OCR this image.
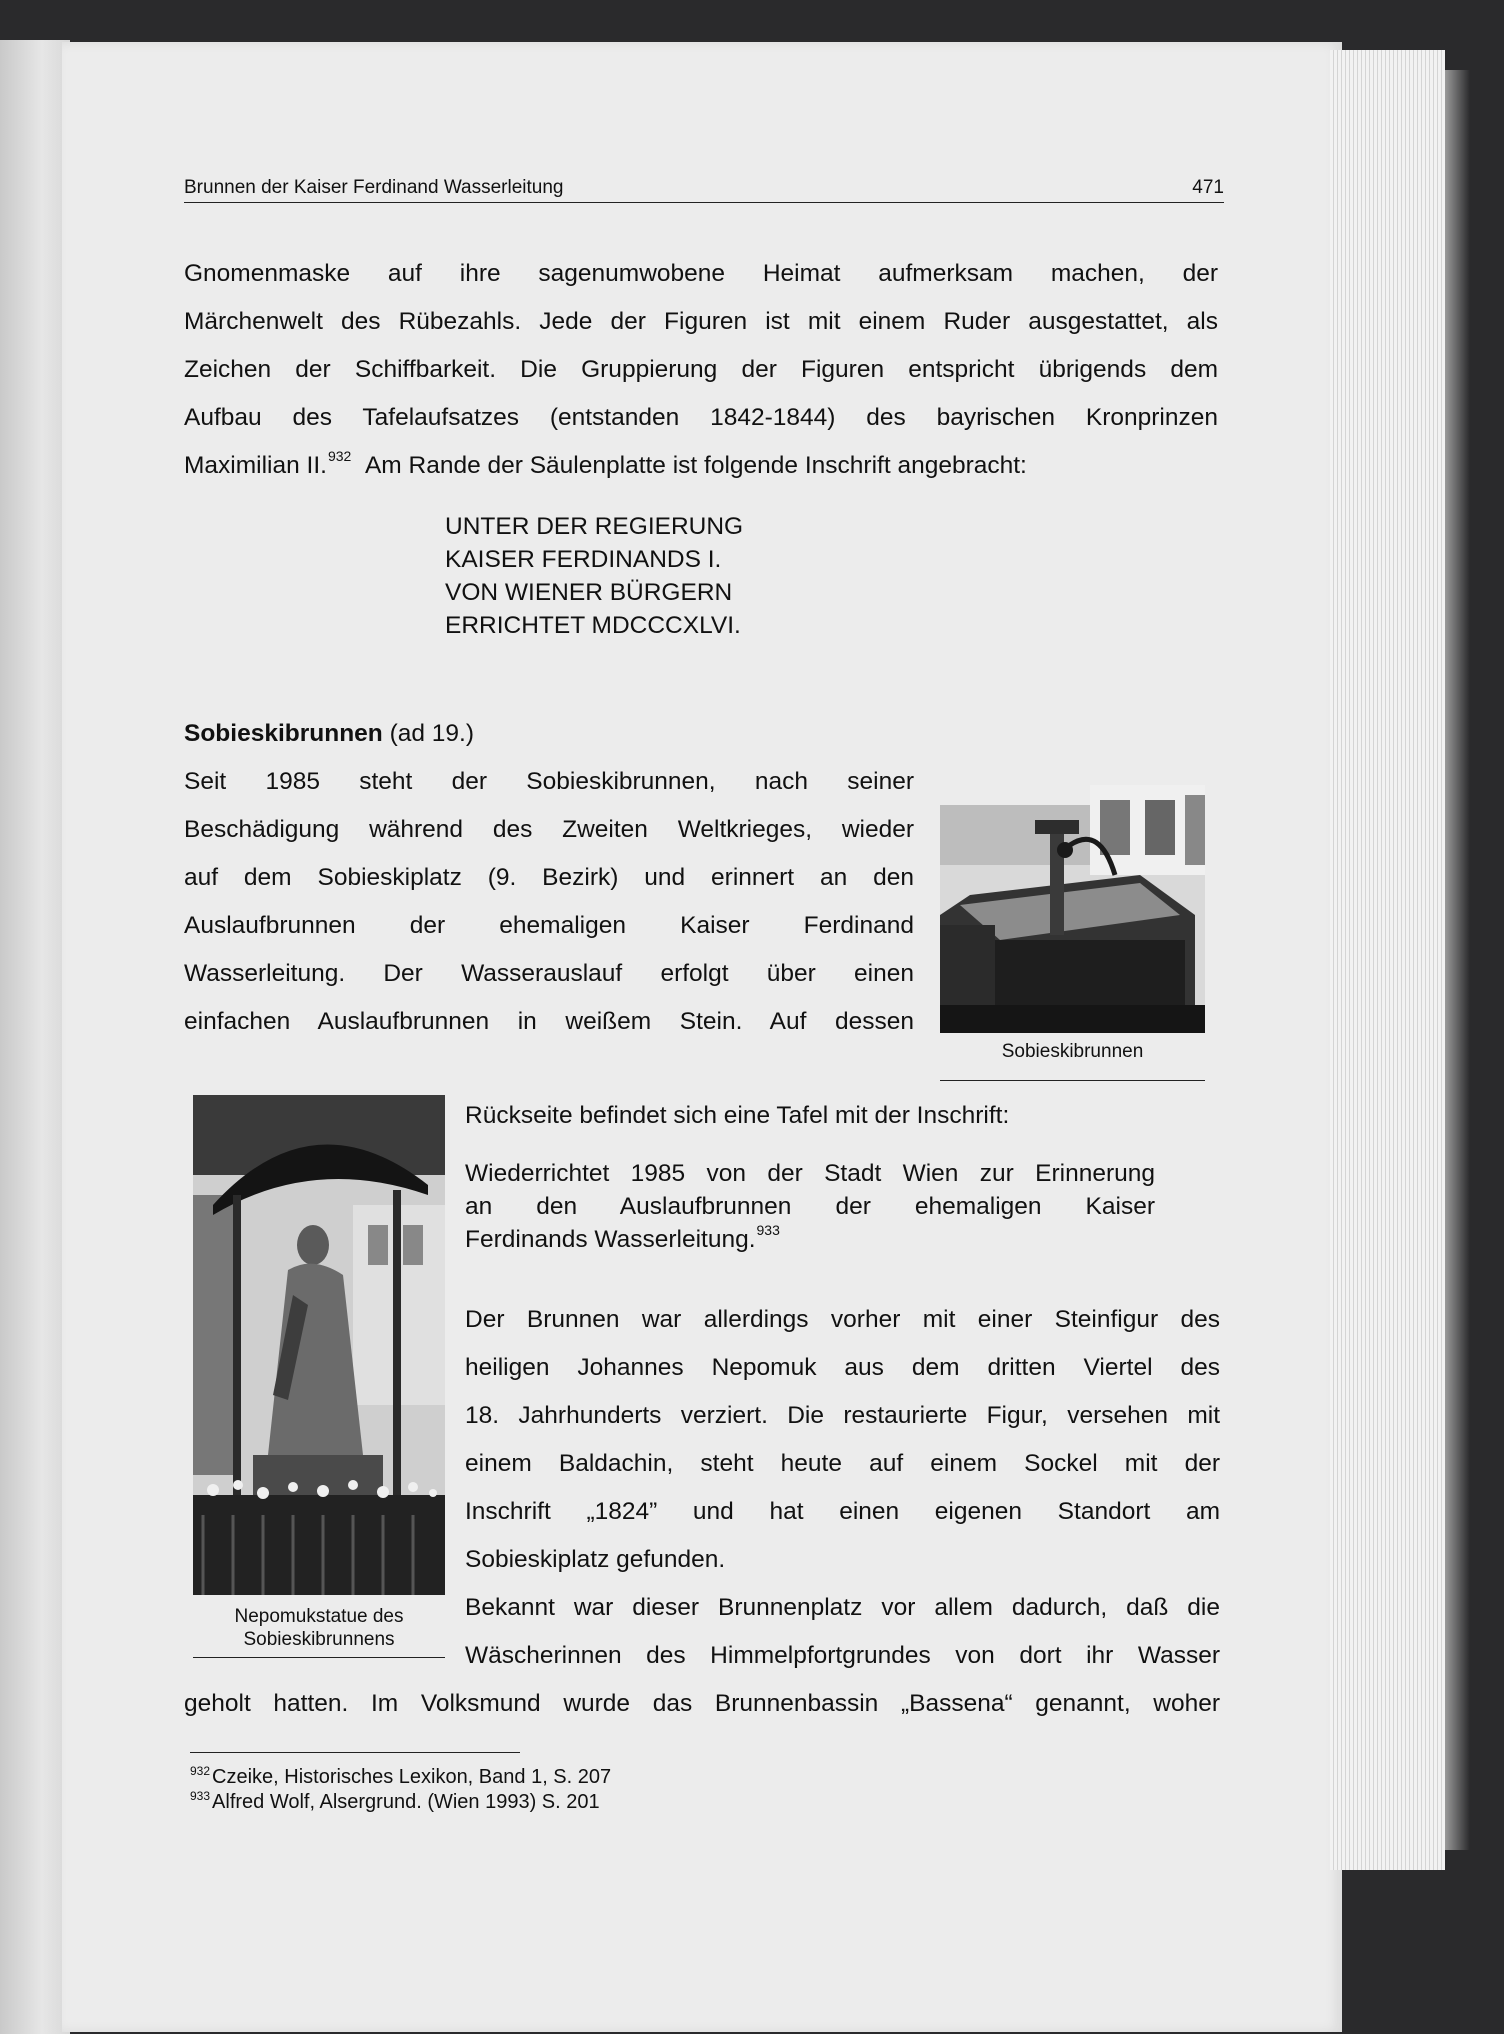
Brunnen der Kaiser Ferdinand Wasserleitung	471
Gnomenmaske auf ihre sagenumwobene Heimat aufmerksam machen, der
Märchenwelt des Rübezahls. Jede der Figuren ist mit einem Ruder ausgestattet, als
Zeichen der Schiffbarkeit. Die Gruppierung der Figuren entspricht übrigends dem
Aufbau des Tafelaufsatzes (entstanden 1842-1844) des bayrischen Kronprinzen
Maximilian II.$^{932}$ Am Rande der Säulenplatte ist folgende Inschrift angebracht:
UNTER DER REGIERUNG
KAISER FERDINANDS I.
VON WIENER BÜRGERN
ERRICHTET MDCCCXLVI.
Sobieskibrunnen (ad 19.)
Seit 1985 steht der Sobieskibrunnen, nach seiner
Beschädigung während des Zweiten Weltkrieges, wieder
auf dem Sobieskiplatz (9. Bezirk) und erinnert an den
Auslaufbrunnen der ehemaligen Kaiser Ferdinand
Wasserleitung. Der Wasserauslauf erfolgt über einen
einfachen Auslaufbrunnen in weißem Stein. Auf dessen
Sobieskibrunnen
Nepomukstatue des
Sobieskibrunnens
Rückseite befindet sich eine Tafel mit der Inschrift:
Wiederrichtet 1985 von der Stadt Wien zur Erinnerung
an den Auslaufbrunnen der ehemaligen Kaiser
Ferdinands Wasserleitung.$^{933}$
Der Brunnen war allerdings vorher mit einer Steinfigur des
heiligen Johannes Nepomuk aus dem dritten Viertel des
18. Jahrhunderts verziert. Die restaurierte Figur, versehen mit
einem Baldachin, steht heute auf einem Sockel mit der
Inschrift „1824” und hat einen eigenen Standort am
Sobieskiplatz gefunden.
Bekannt war dieser Brunnenplatz vor allem dadurch, daß die
Wäscherinnen des Himmelpfortgrundes von dort ihr Wasser
geholt hatten. Im Volksmund wurde das Brunnenbassin „Bassena“ genannt, woher
$^{932}$ Czeike, Historisches Lexikon, Band 1, S. 207
$^{933}$ Alfred Wolf, Alsergrund. (Wien 1993) S. 201
